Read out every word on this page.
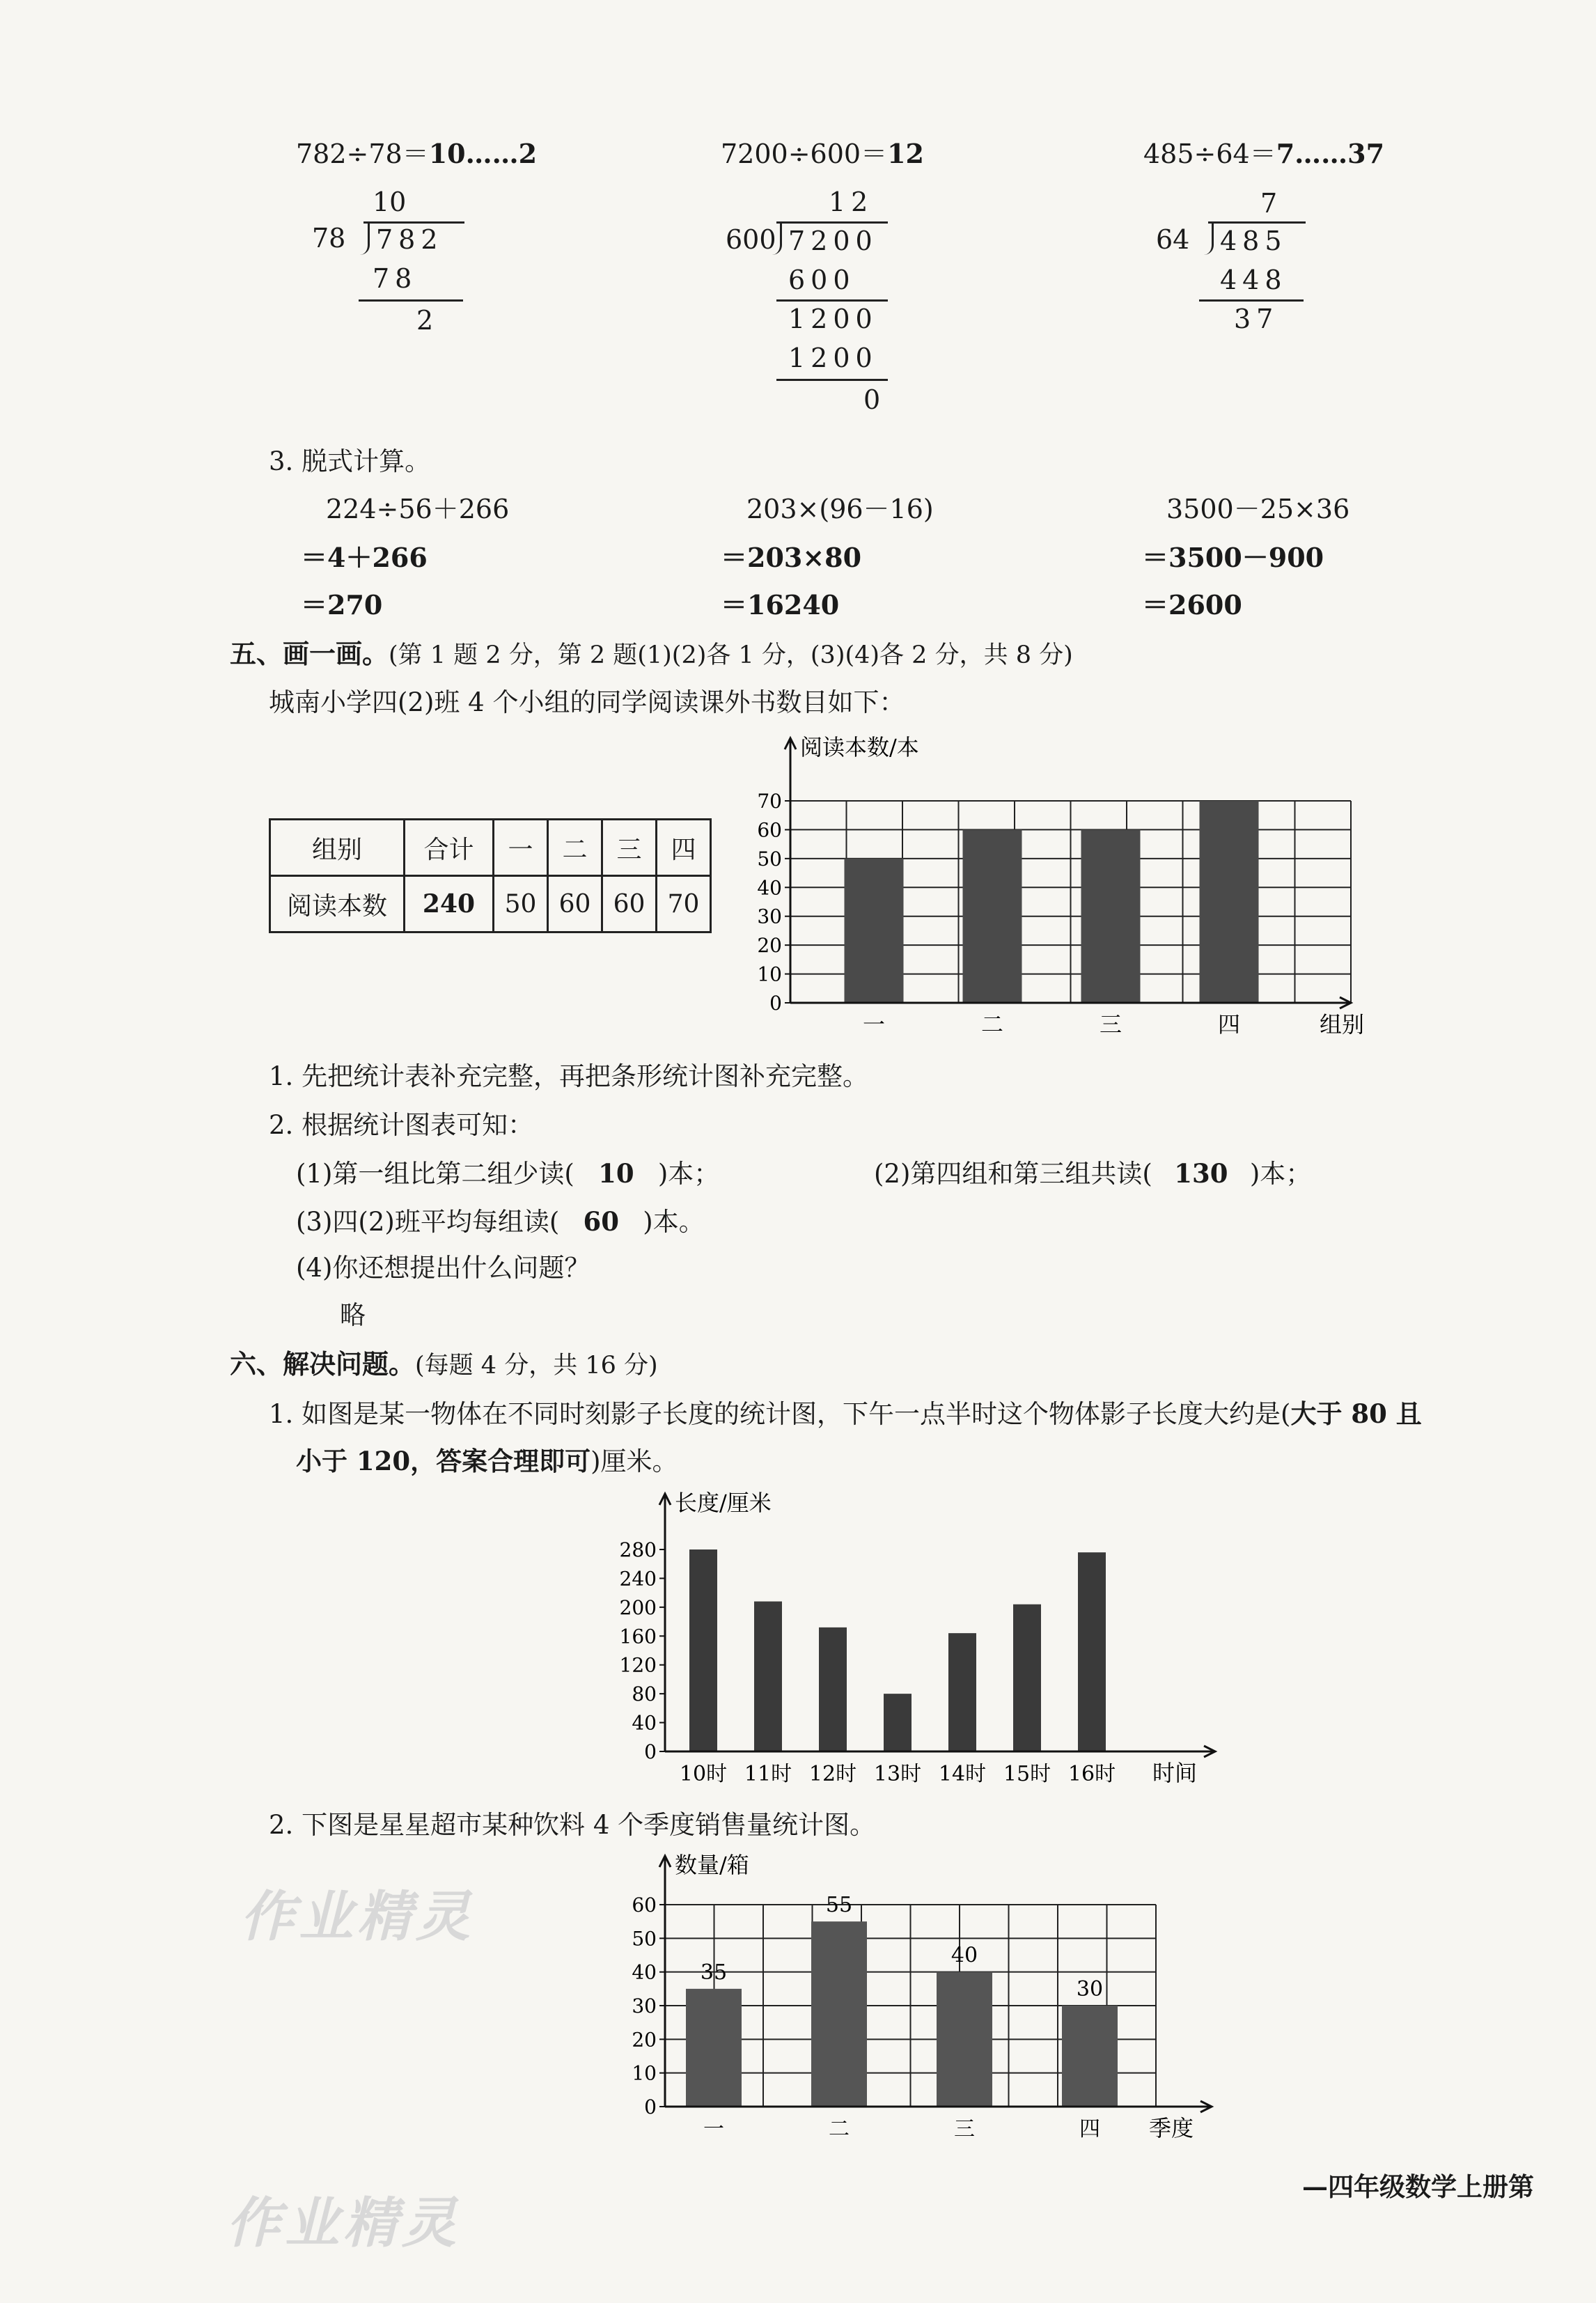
782÷78＝10……2
10
78 782
78
2
7200÷600＝12
12
600 7200
600
1200
1200
0
485÷64＝7……37
7
64 485
448
37
3. 脱式计算。
224÷56＋266
＝4＋266
＝270
203×(96－16)
＝203×80
＝16240
3500－25×36
＝3500－900
＝2600
五、画一画。(第 1 题 2 分，第 2 题(1)(2)各 1 分，(3)(4)各 2 分，共 8 分)
城南小学四(2)班 4 个小组的同学阅读课外书数目如下：
组别	合计	一	二	三	四
阅读本数	240	50	60	60	70
一	二	三	四
0
10
20
30
40
50
60
70
阅读本数/本
组别
1. 先把统计表补充完整，再把条形统计图补充完整。
2. 根据统计图表可知：
(1)第一组比第二组少读( 10 )本；	(2)第四组和第三组共读( 130 )本；
(3)四(2)班平均每组读( 60 )本。
(4)你还想提出什么问题？
略
六、解决问题。(每题 4 分，共 16 分)
1. 如图是某一物体在不同时刻影子长度的统计图，下午一点半时这个物体影子长度大约是(大于 80 且
小于 120，答案合理即可)厘米。
10时 11时 12时 13时 14时 15时 16时
0
40
80
120
160
200
240
280
长度/厘米
时间
2. 下图是星星超市某种饮料 4 个季度销售量统计图。
35
一
55
二
40
三
30
四
0
10
20
30
40
50
60
数量/箱
季度
作业精灵
作业精灵
—四年级数学上册第
